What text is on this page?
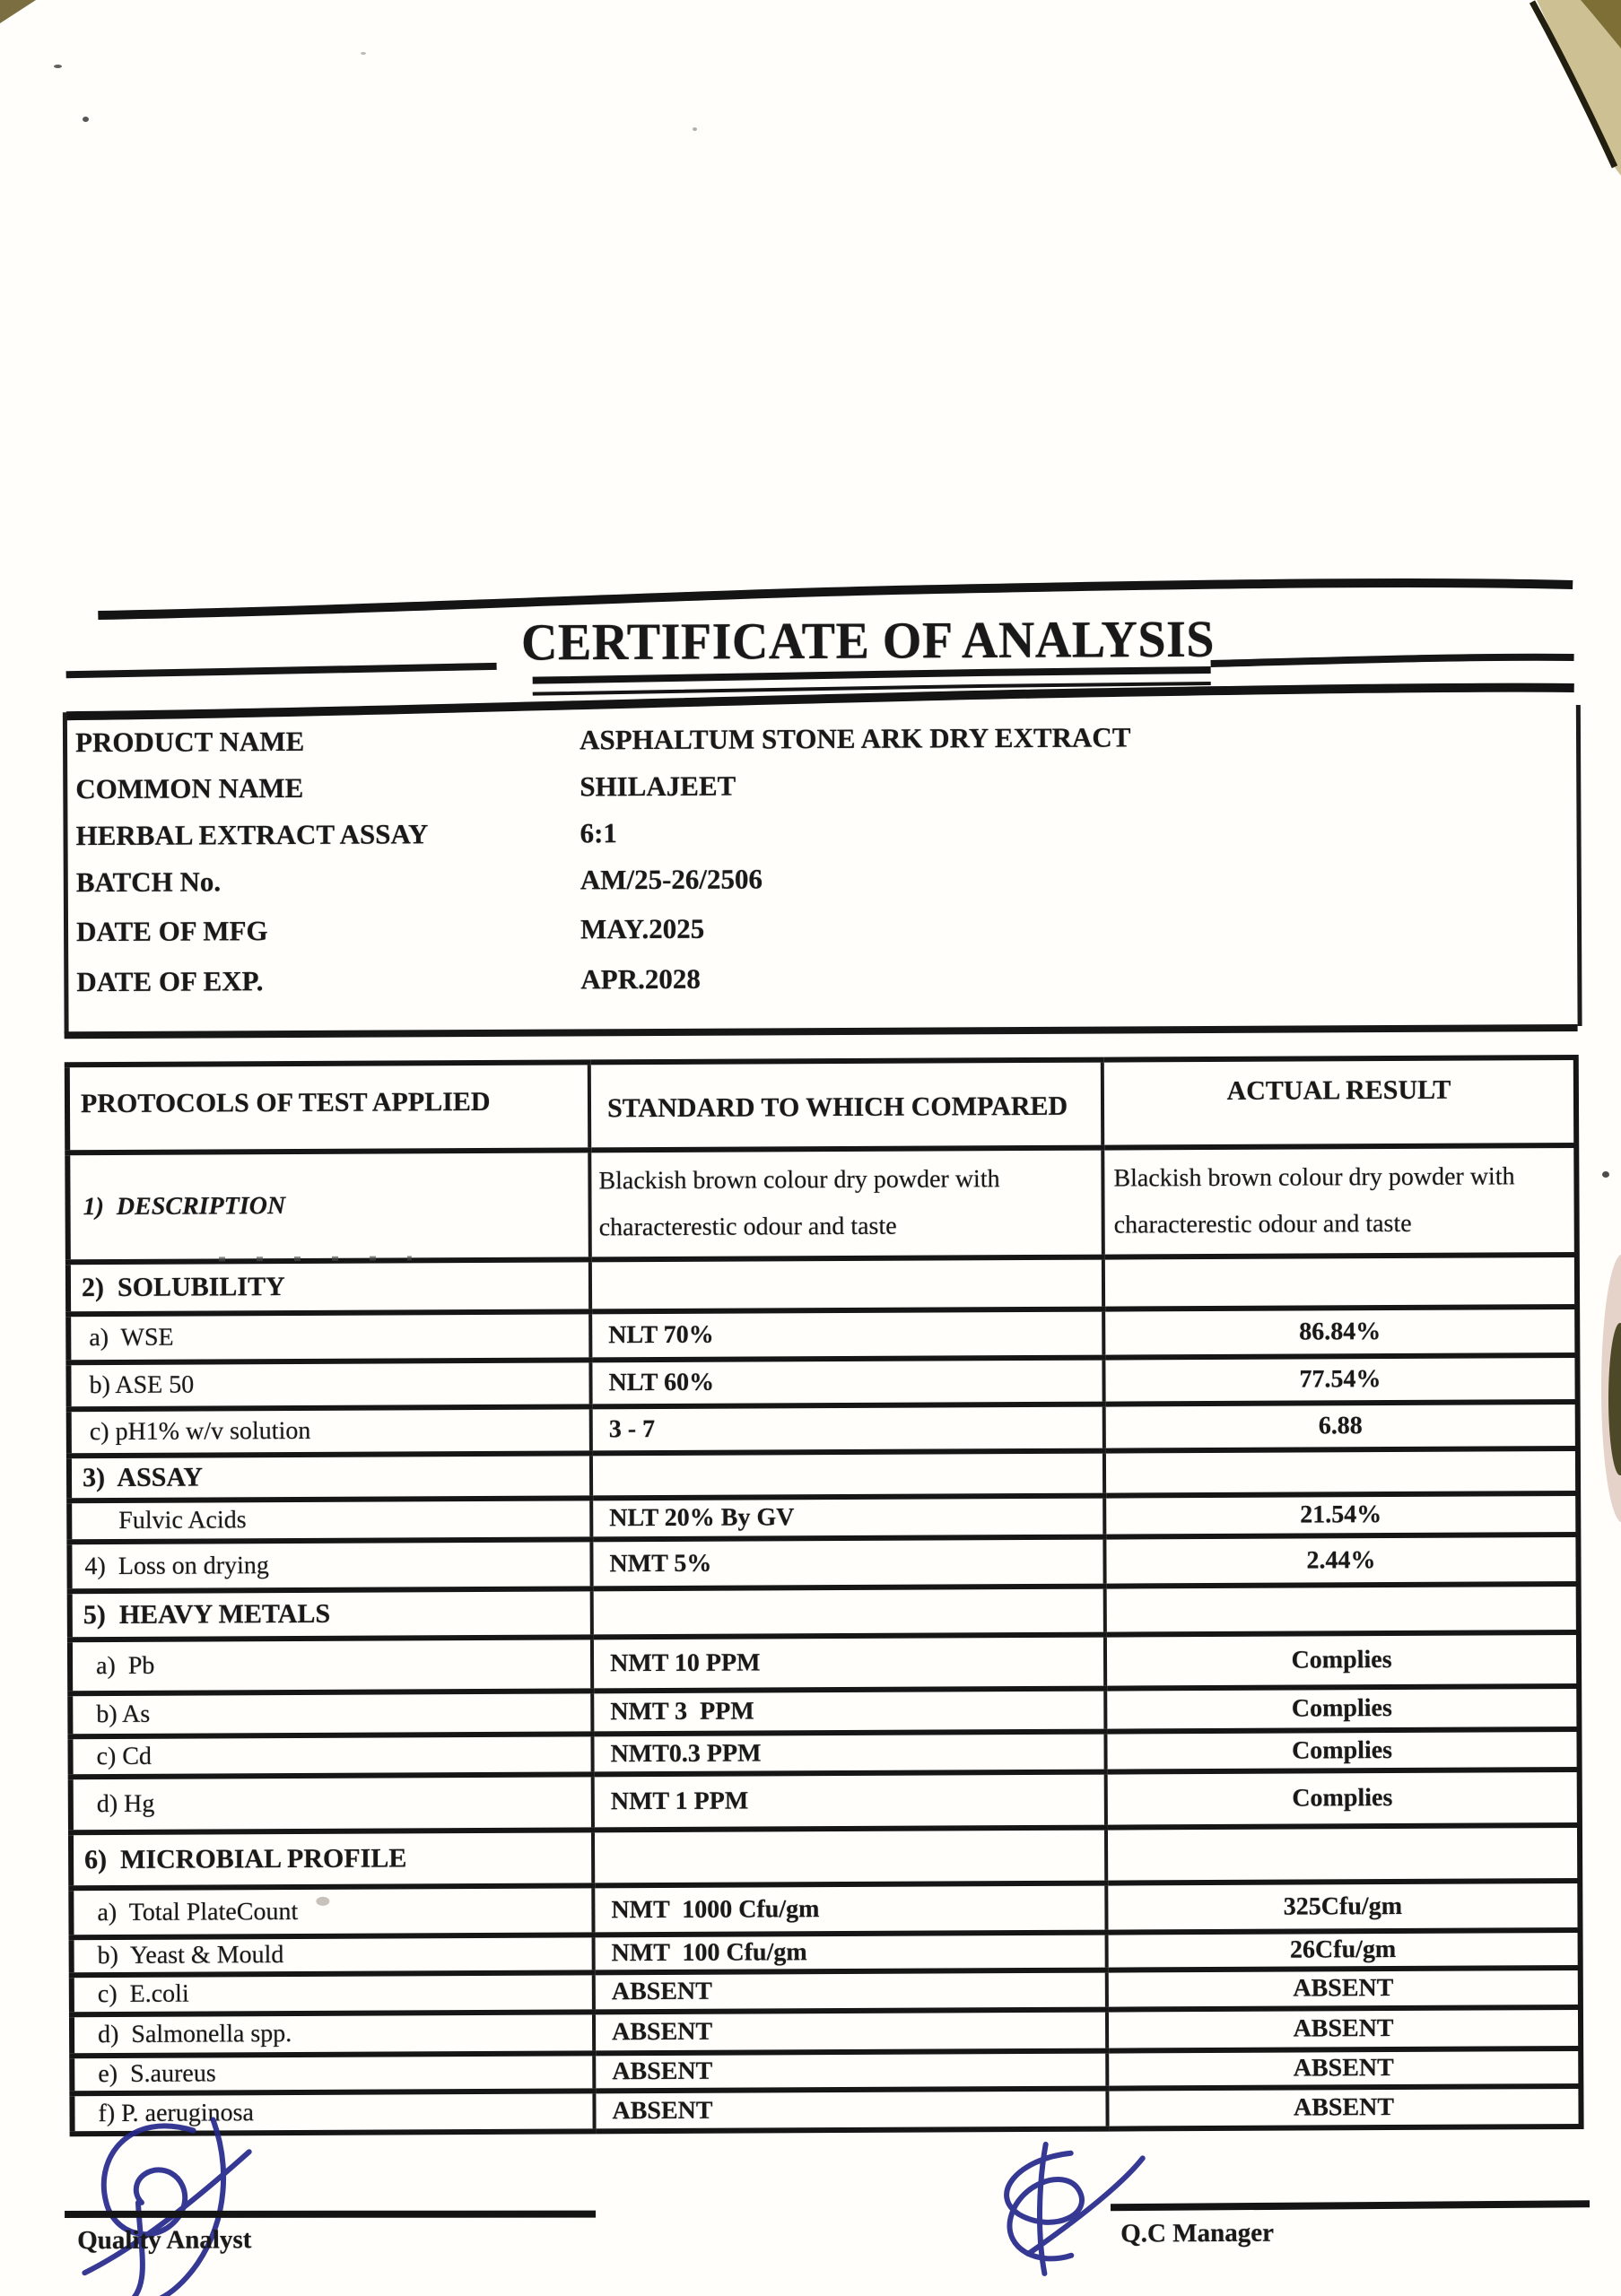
CERTIFICATE OF ANALYSIS
PRODUCT NAME	ASPHALTUM STONE ARK DRY EXTRACT
COMMON NAME	SHILAJEET
HERBAL EXTRACT ASSAY	6:1
BATCH No.	AM/25-26/2506
DATE OF MFG	MAY.2025
DATE OF EXP.	APR.2028
PROTOCOLS OF TEST APPLIED	STANDARD TO WHICH COMPARED	ACTUAL RESULT
1)  DESCRIPTION	Blackish brown colour dry powder with characterestic odour and taste	Blackish brown colour dry powder with characterestic odour and taste
2)  SOLUBILITY		
a)  WSE	NLT 70%	86.84%
b) ASE 50	NLT 60%	77.54%
c) pH1% w/v solution	3 - 7	6.88
3)  ASSAY		
Fulvic Acids	NLT 20% By GV	21.54%
4)  Loss on drying	NMT 5%	2.44%
5)  HEAVY METALS		
a)  Pb	NMT 10 PPM	Complies
b) As	NMT 3  PPM	Complies
c) Cd	NMT0.3 PPM	Complies
d) Hg	NMT 1 PPM	Complies
6)  MICROBIAL PROFILE		
a)  Total PlateCount	NMT  1000 Cfu/gm	325Cfu/gm
b)  Yeast & Mould	NMT  100 Cfu/gm	26Cfu/gm
c)  E.coli	ABSENT	ABSENT
d)  Salmonella spp.	ABSENT	ABSENT
e)  S.aureus	ABSENT	ABSENT
f) P. aeruginosa	ABSENT	ABSENT
Quality Analyst	Q.C Manager
